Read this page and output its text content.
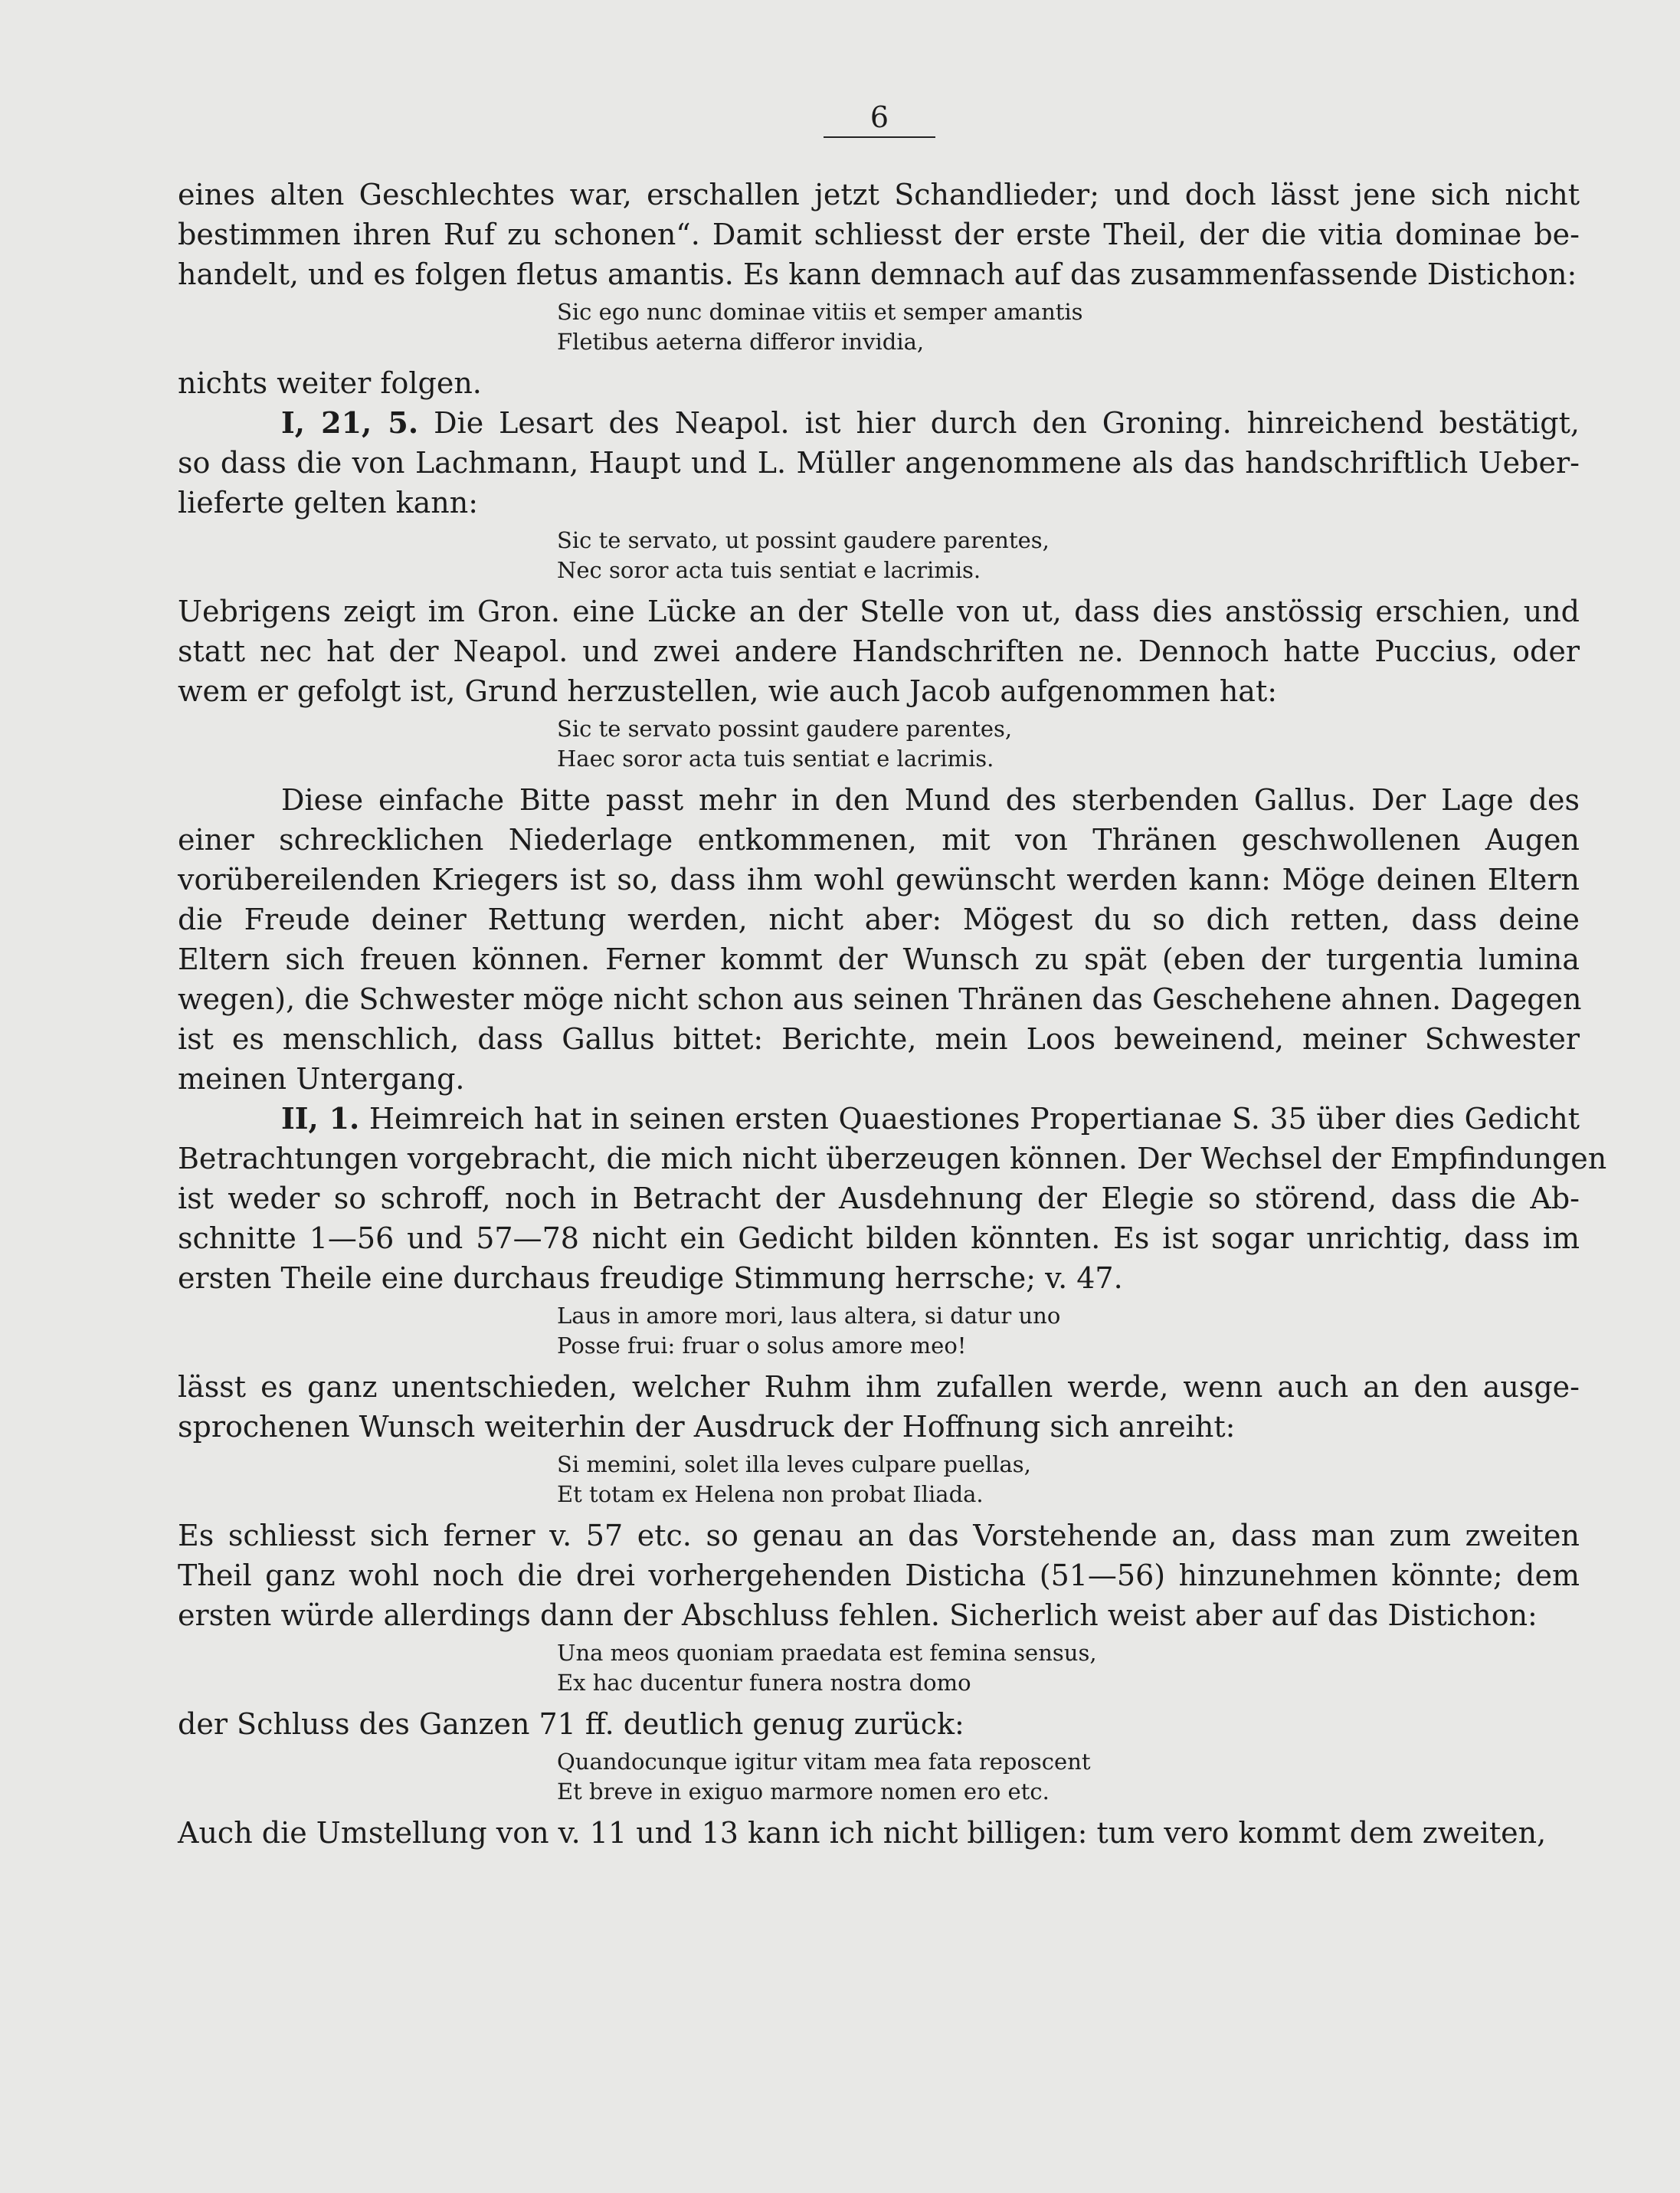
6
eines alten Geschlechtes war, erschallen jetzt Schandlieder; und doch lässt jene sich nicht
bestimmen ihren Ruf zu schonen“. Damit schliesst der erste Theil, der die vitia dominae be-
handelt, und es folgen fletus amantis. Es kann demnach auf das zusammenfassende Distichon:
Sic ego nunc dominae vitiis et semper amantis
Fletibus aeterna differor invidia,
nichts weiter folgen.
I, 21, 5. Die Lesart des Neapol. ist hier durch den Groning. hinreichend bestätigt,
so dass die von Lachmann, Haupt und L. Müller angenommene als das handschriftlich Ueber-
lieferte gelten kann:
Sic te servato, ut possint gaudere parentes,
Nec soror acta tuis sentiat e lacrimis.
Uebrigens zeigt im Gron. eine Lücke an der Stelle von ut, dass dies anstössig erschien, und
statt nec hat der Neapol. und zwei andere Handschriften ne. Dennoch hatte Puccius, oder
wem er gefolgt ist, Grund herzustellen, wie auch Jacob aufgenommen hat:
Sic te servato possint gaudere parentes,
Haec soror acta tuis sentiat e lacrimis.
Diese einfache Bitte passt mehr in den Mund des sterbenden Gallus. Der Lage des
einer schrecklichen Niederlage entkommenen, mit von Thränen geschwollenen Augen
vorübereilenden Kriegers ist so, dass ihm wohl gewünscht werden kann: Möge deinen Eltern
die Freude deiner Rettung werden, nicht aber: Mögest du so dich retten, dass deine
Eltern sich freuen können. Ferner kommt der Wunsch zu spät (eben der turgentia lumina
wegen), die Schwester möge nicht schon aus seinen Thränen das Geschehene ahnen. Dagegen
ist es menschlich, dass Gallus bittet: Berichte, mein Loos beweinend, meiner Schwester
meinen Untergang.
II, 1. Heimreich hat in seinen ersten Quaestiones Propertianae S. 35 über dies Gedicht
Betrachtungen vorgebracht, die mich nicht überzeugen können. Der Wechsel der Empfindungen
ist weder so schroff, noch in Betracht der Ausdehnung der Elegie so störend, dass die Ab-
schnitte 1—56 und 57—78 nicht ein Gedicht bilden könnten. Es ist sogar unrichtig, dass im
ersten Theile eine durchaus freudige Stimmung herrsche; v. 47.
Laus in amore mori, laus altera, si datur uno
Posse frui: fruar o solus amore meo!
lässt es ganz unentschieden, welcher Ruhm ihm zufallen werde, wenn auch an den ausge-
sprochenen Wunsch weiterhin der Ausdruck der Hoffnung sich anreiht:
Si memini, solet illa leves culpare puellas,
Et totam ex Helena non probat Iliada.
Es schliesst sich ferner v. 57 etc. so genau an das Vorstehende an, dass man zum zweiten
Theil ganz wohl noch die drei vorhergehenden Disticha (51—56) hinzunehmen könnte; dem
ersten würde allerdings dann der Abschluss fehlen. Sicherlich weist aber auf das Distichon:
Una meos quoniam praedata est femina sensus,
Ex hac ducentur funera nostra domo
der Schluss des Ganzen 71 ff. deutlich genug zurück:
Quandocunque igitur vitam mea fata reposcent
Et breve in exiguo marmore nomen ero etc.
Auch die Umstellung von v. 11 und 13 kann ich nicht billigen: tum vero kommt dem zweiten,
